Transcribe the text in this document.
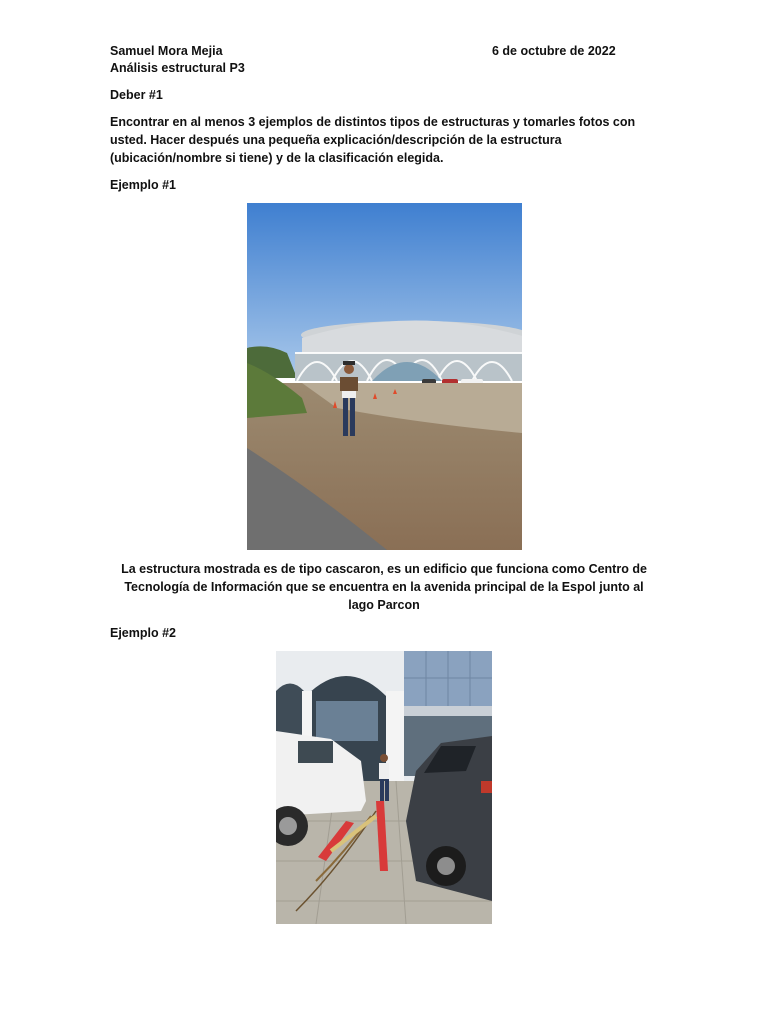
Samuel Mora Mejia	6 de octubre de 2022
Análisis estructural P3
Deber #1
Encontrar en al menos 3 ejemplos de distintos tipos de estructuras y tomarles fotos con usted. Hacer después una pequeña explicación/descripción de la estructura (ubicación/nombre si tiene) y de la clasificación elegida.
Ejemplo #1
La estructura mostrada es de tipo cascaron, es un edificio que funciona como Centro de Tecnología de Información que se encuentra en la avenida principal de la Espol junto al lago Parcon
Ejemplo #2
